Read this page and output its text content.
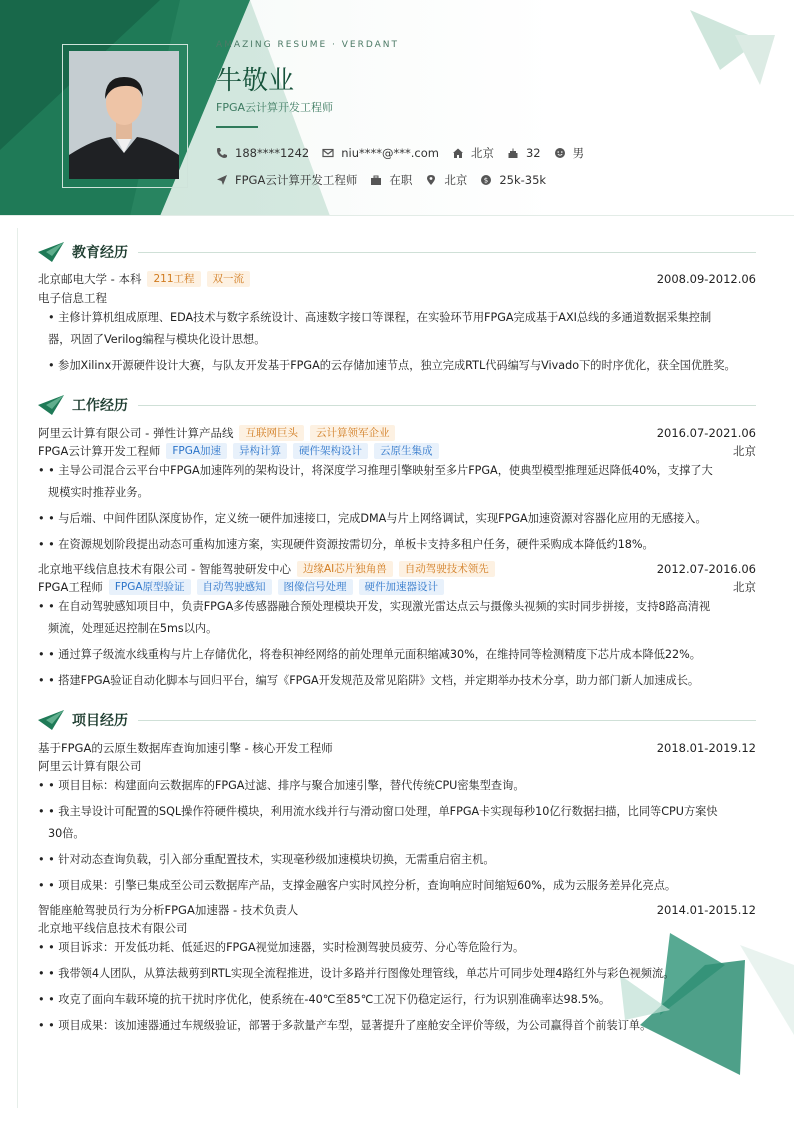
AMAZING RESUME · VERDANT
牛敬业
FPGA云计算开发工程师
188****1242	niu****@***.com	北京	32	男
FPGA云计算开发工程师	在职	北京 $ 25k-35k
教育经历
北京邮电大学 - 本科	211工程	双一流	2008.09-2012.06
电子信息工程
• 主修计算机组成原理、EDA技术与数字系统设计、高速数字接口等课程，在实验环节用FPGA完成基于AXI总线的多通道数据采集控制
器，巩固了Verilog编程与模块化设计思想。
• 参加Xilinx开源硬件设计大赛，与队友开发基于FPGA的云存储加速节点，独立完成RTL代码编写与Vivado下的时序优化，获全国优胜奖。
工作经历
阿里云计算有限公司 - 弹性计算产品线	互联网巨头	云计算领军企业	2016.07-2021.06
FPGA云计算开发工程师	FPGA加速	异构计算	硬件架构设计	云原生集成	北京
• • 主导公司混合云平台中FPGA加速阵列的架构设计，将深度学习推理引擎映射至多片FPGA，使典型模型推理延迟降低40%，支撑了大
规模实时推荐业务。
• • 与后端、中间件团队深度协作，定义统一硬件加速接口，完成DMA与片上网络调试，实现FPGA加速资源对容器化应用的无感接入。
• • 在资源规划阶段提出动态可重构加速方案，实现硬件资源按需切分，单板卡支持多租户任务，硬件采购成本降低约18%。
北京地平线信息技术有限公司 - 智能驾驶研发中心	边缘AI芯片独角兽	自动驾驶技术领先	2012.07-2016.06
FPGA工程师	FPGA原型验证	自动驾驶感知	图像信号处理	硬件加速器设计	北京
• • 在自动驾驶感知项目中，负责FPGA多传感器融合预处理模块开发，实现激光雷达点云与摄像头视频的实时同步拼接，支持8路高清视
频流，处理延迟控制在5ms以内。
• • 通过算子级流水线重构与片上存储优化，将卷积神经网络的前处理单元面积缩减30%，在维持同等检测精度下芯片成本降低22%。
• • 搭建FPGA验证自动化脚本与回归平台，编写《FPGA开发规范及常见陷阱》文档，并定期举办技术分享，助力部门新人加速成长。
项目经历
基于FPGA的云原生数据库查询加速引擎 - 核心开发工程师	2018.01-2019.12
阿里云计算有限公司
• • 项目目标：构建面向云数据库的FPGA过滤、排序与聚合加速引擎，替代传统CPU密集型查询。
• • 我主导设计可配置的SQL操作符硬件模块，利用流水线并行与滑动窗口处理，单FPGA卡实现每秒10亿行数据扫描，比同等CPU方案快
30倍。
• • 针对动态查询负载，引入部分重配置技术，实现毫秒级加速模块切换，无需重启宿主机。
• • 项目成果：引擎已集成至公司云数据库产品，支撑金融客户实时风控分析，查询响应时间缩短60%，成为云服务差异化亮点。
智能座舱驾驶员行为分析FPGA加速器 - 技术负责人	2014.01-2015.12
北京地平线信息技术有限公司
• • 项目诉求：开发低功耗、低延迟的FPGA视觉加速器，实时检测驾驶员疲劳、分心等危险行为。
• • 我带领4人团队，从算法裁剪到RTL实现全流程推进，设计多路并行图像处理管线，单芯片可同步处理4路红外与彩色视频流。
• • 攻克了面向车载环境的抗干扰时序优化，使系统在-40℃至85℃工况下仍稳定运行，行为识别准确率达98.5%。
• • 项目成果：该加速器通过车规级验证，部署于多款量产车型，显著提升了座舱安全评价等级，为公司赢得首个前装订单。
